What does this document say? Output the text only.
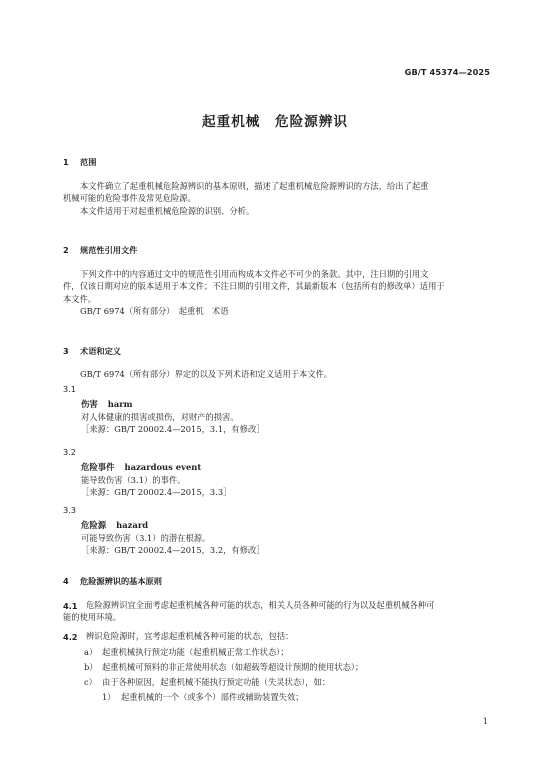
GB/T 45374—2025
起重机械　危险源辨识
1 范围
本文件确立了起重机械危险源辨识的基本原则，描述了起重机械危险源辨识的方法，给出了起重
机械可能的危险事件及常见危险源。
本文件适用于对起重机械危险源的识别、分析。
2 规范性引用文件
下列文件中的内容通过文中的规范性引用而构成本文件必不可少的条款。其中，注日期的引用文
件，仅该日期对应的版本适用于本文件；不注日期的引用文件，其最新版本（包括所有的修改单）适用于
本文件。
GB/T 6974（所有部分）　起重机　术语
3 术语和定义
GB/T 6974（所有部分）界定的以及下列术语和定义适用于本文件。
3.1
伤害 harm
对人体健康的损害或损伤，对财产的损害。
［来源：GB/T 20002.4—2015，3.1，有修改］
3.2
危险事件 hazardous event
能导致伤害（3.1）的事件。
［来源：GB/T 20002.4—2015，3.3］
3.3
危险源 hazard
可能导致伤害（3.1）的潜在根源。
［来源：GB/T 20002.4—2015，3.2，有修改］
4 危险源辨识的基本原则
4.1 危险源辨识宜全面考虑起重机械各种可能的状态，相关人员各种可能的行为以及起重机械各种可
能的使用环境。
4.2 辨识危险源时，宜考虑起重机械各种可能的状态，包括：
a） 起重机械执行预定功能（起重机械正常工作状态）；
b） 起重机械可预料的非正常使用状态（如超载等超设计预期的使用状态）；
c） 由于各种原因，起重机械不能执行预定功能（失灵状态），如：
1） 起重机械的一个（或多个）部件或辅助装置失效；
1
